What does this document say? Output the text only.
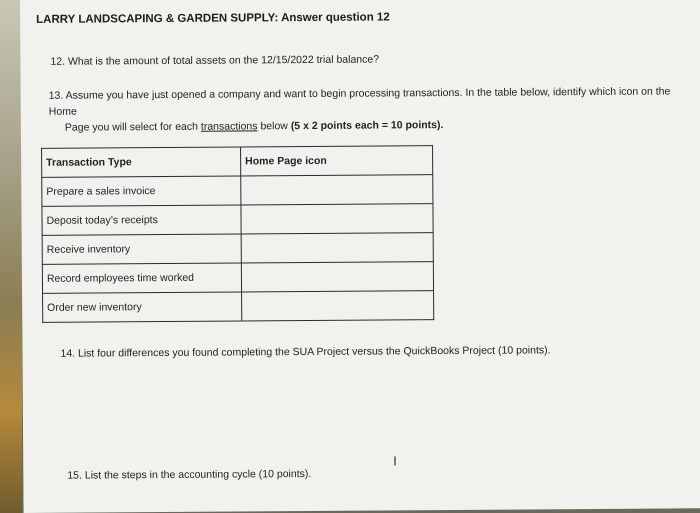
LARRY LANDSCAPING & GARDEN SUPPLY: Answer question 12
12. What is the amount of total assets on the 12/15/2022 trial balance?
13. Assume you have just opened a company and want to begin processing transactions. In the table below, identify which icon on the Home
Page you will select for each transactions below (5 x 2 points each = 10 points).
Transaction Type	Home Page icon
Prepare a sales invoice	
Deposit today’s receipts	
Receive inventory	
Record employees time worked	
Order new inventory	
14. List four differences you found completing the SUA Project versus the QuickBooks Project (10 points).
I
15. List the steps in the accounting cycle (10 points).
